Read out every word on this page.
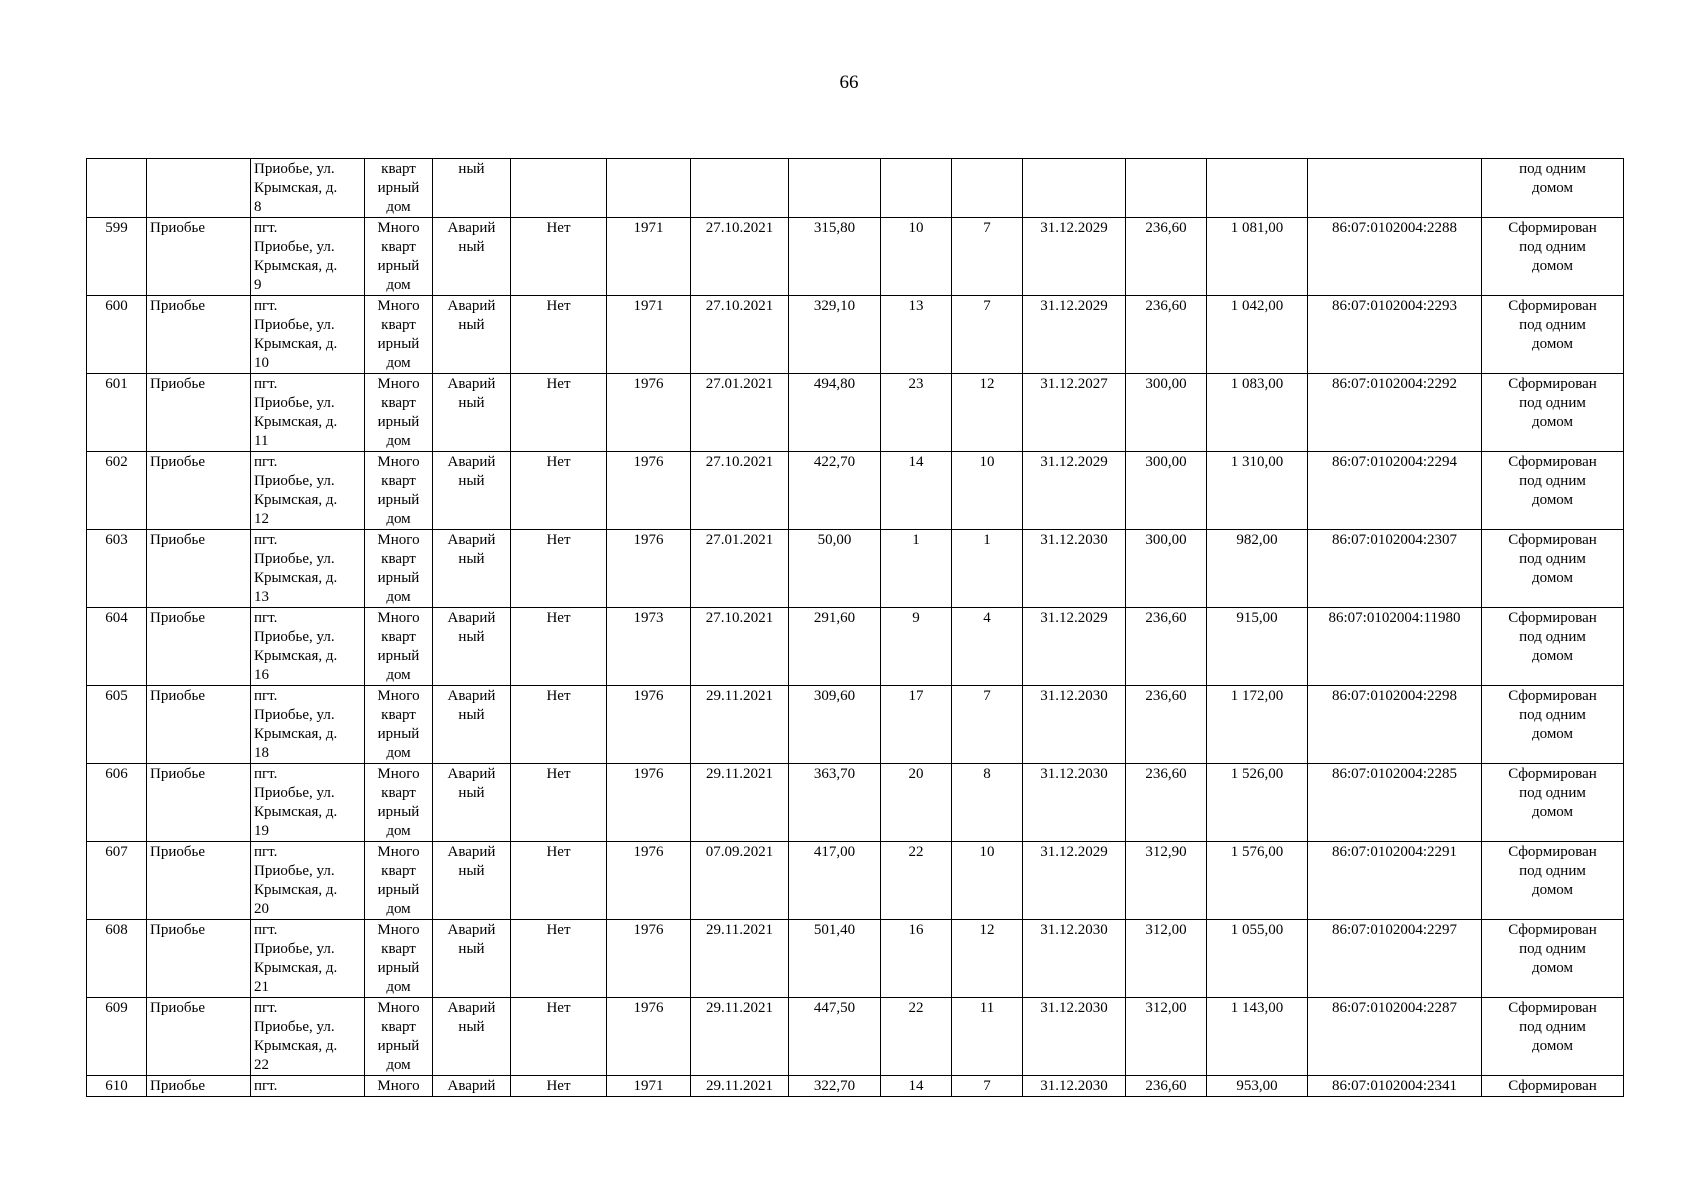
66
		Приобье, ул.
Крымская, д.
8	кварт
ирный
дом	ный											под одним
домом
599	Приобье	пгт.
Приобье, ул.
Крымская, д.
9	Много
кварт
ирный
дом	Аварий
ный	Нет	1971	27.10.2021	315,80	10	7	31.12.2029	236,60	1 081,00	86:07:0102004:2288	Сформирован
под одним
домом
600	Приобье	пгт.
Приобье, ул.
Крымская, д.
10	Много
кварт
ирный
дом	Аварий
ный	Нет	1971	27.10.2021	329,10	13	7	31.12.2029	236,60	1 042,00	86:07:0102004:2293	Сформирован
под одним
домом
601	Приобье	пгт.
Приобье, ул.
Крымская, д.
11	Много
кварт
ирный
дом	Аварий
ный	Нет	1976	27.01.2021	494,80	23	12	31.12.2027	300,00	1 083,00	86:07:0102004:2292	Сформирован
под одним
домом
602	Приобье	пгт.
Приобье, ул.
Крымская, д.
12	Много
кварт
ирный
дом	Аварий
ный	Нет	1976	27.10.2021	422,70	14	10	31.12.2029	300,00	1 310,00	86:07:0102004:2294	Сформирован
под одним
домом
603	Приобье	пгт.
Приобье, ул.
Крымская, д.
13	Много
кварт
ирный
дом	Аварий
ный	Нет	1976	27.01.2021	50,00	1	1	31.12.2030	300,00	982,00	86:07:0102004:2307	Сформирован
под одним
домом
604	Приобье	пгт.
Приобье, ул.
Крымская, д.
16	Много
кварт
ирный
дом	Аварий
ный	Нет	1973	27.10.2021	291,60	9	4	31.12.2029	236,60	915,00	86:07:0102004:11980	Сформирован
под одним
домом
605	Приобье	пгт.
Приобье, ул.
Крымская, д.
18	Много
кварт
ирный
дом	Аварий
ный	Нет	1976	29.11.2021	309,60	17	7	31.12.2030	236,60	1 172,00	86:07:0102004:2298	Сформирован
под одним
домом
606	Приобье	пгт.
Приобье, ул.
Крымская, д.
19	Много
кварт
ирный
дом	Аварий
ный	Нет	1976	29.11.2021	363,70	20	8	31.12.2030	236,60	1 526,00	86:07:0102004:2285	Сформирован
под одним
домом
607	Приобье	пгт.
Приобье, ул.
Крымская, д.
20	Много
кварт
ирный
дом	Аварий
ный	Нет	1976	07.09.2021	417,00	22	10	31.12.2029	312,90	1 576,00	86:07:0102004:2291	Сформирован
под одним
домом
608	Приобье	пгт.
Приобье, ул.
Крымская, д.
21	Много
кварт
ирный
дом	Аварий
ный	Нет	1976	29.11.2021	501,40	16	12	31.12.2030	312,00	1 055,00	86:07:0102004:2297	Сформирован
под одним
домом
609	Приобье	пгт.
Приобье, ул.
Крымская, д.
22	Много
кварт
ирный
дом	Аварий
ный	Нет	1976	29.11.2021	447,50	22	11	31.12.2030	312,00	1 143,00	86:07:0102004:2287	Сформирован
под одним
домом
610	Приобье	пгт.	Много	Аварий	Нет	1971	29.11.2021	322,70	14	7	31.12.2030	236,60	953,00	86:07:0102004:2341	Сформирован
